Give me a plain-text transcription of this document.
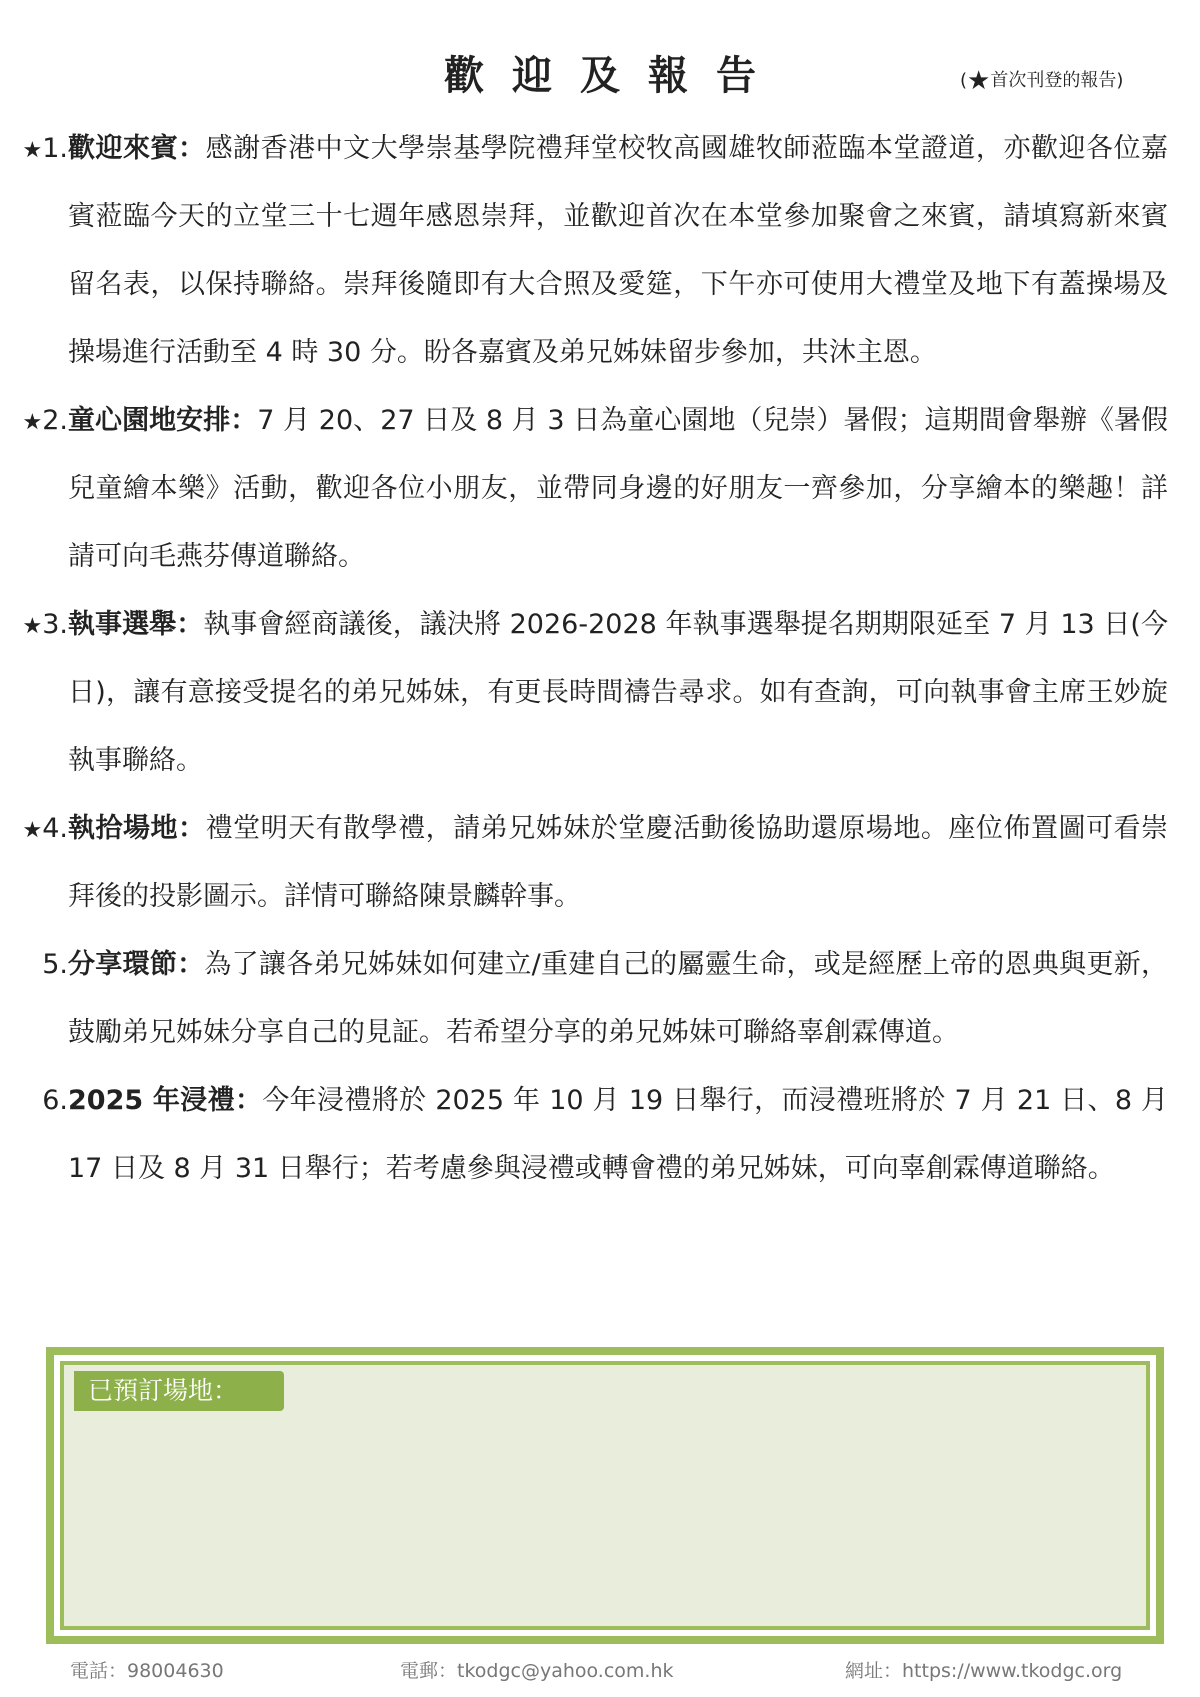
歡迎及報告	(★首次刊登的報告)
★1. 歡迎來賓：感謝香港中文大學崇基學院禮拜堂校牧高國雄牧師蒞臨本堂證道，亦歡迎各位嘉賓蒞臨今天的立堂三十七週年感恩崇拜，並歡迎首次在本堂參加聚會之來賓，請填寫新來賓留名表，以保持聯絡。崇拜後隨即有大合照及愛筵，下午亦可使用大禮堂及地下有蓋操場及操場進行活動至 4 時 30 分。盼各嘉賓及弟兄姊妹留步參加，共沐主恩。
★2. 童心園地安排：7 月 20、27 日及 8 月 3 日為童心園地（兒崇）暑假；這期間會舉辦《暑假兒童繪本樂》活動，歡迎各位小朋友，並帶同身邊的好朋友一齊參加，分享繪本的樂趣！詳請可向毛燕芬傳道聯絡。
★3. 執事選舉：執事會經商議後，議決將 2026-2028 年執事選舉提名期期限延至 7 月 13 日(今日)，讓有意接受提名的弟兄姊妹，有更長時間禱告尋求。如有查詢，可向執事會主席王妙旋執事聯絡。
★4. 執拾場地：禮堂明天有散學禮，請弟兄姊妹於堂慶活動後協助還原場地。座位佈置圖可看崇拜後的投影圖示。詳情可聯絡陳景麟幹事。
5. 分享環節：為了讓各弟兄姊妹如何建立/重建自己的屬靈生命，或是經歷上帝的恩典與更新，鼓勵弟兄姊妹分享自己的見証。若希望分享的弟兄姊妹可聯絡辜創霖傳道。
6. 2025 年浸禮：今年浸禮將於 2025 年 10 月 19 日舉行，而浸禮班將於 7 月 21 日、8 月 17 日及 8 月 31 日舉行；若考慮參與浸禮或轉會禮的弟兄姊妹，可向辜創霖傳道聯絡。
已預訂場地：
電話：98004630	電郵：tkodgc@yahoo.com.hk	網址：https://www.tkodgc.org
